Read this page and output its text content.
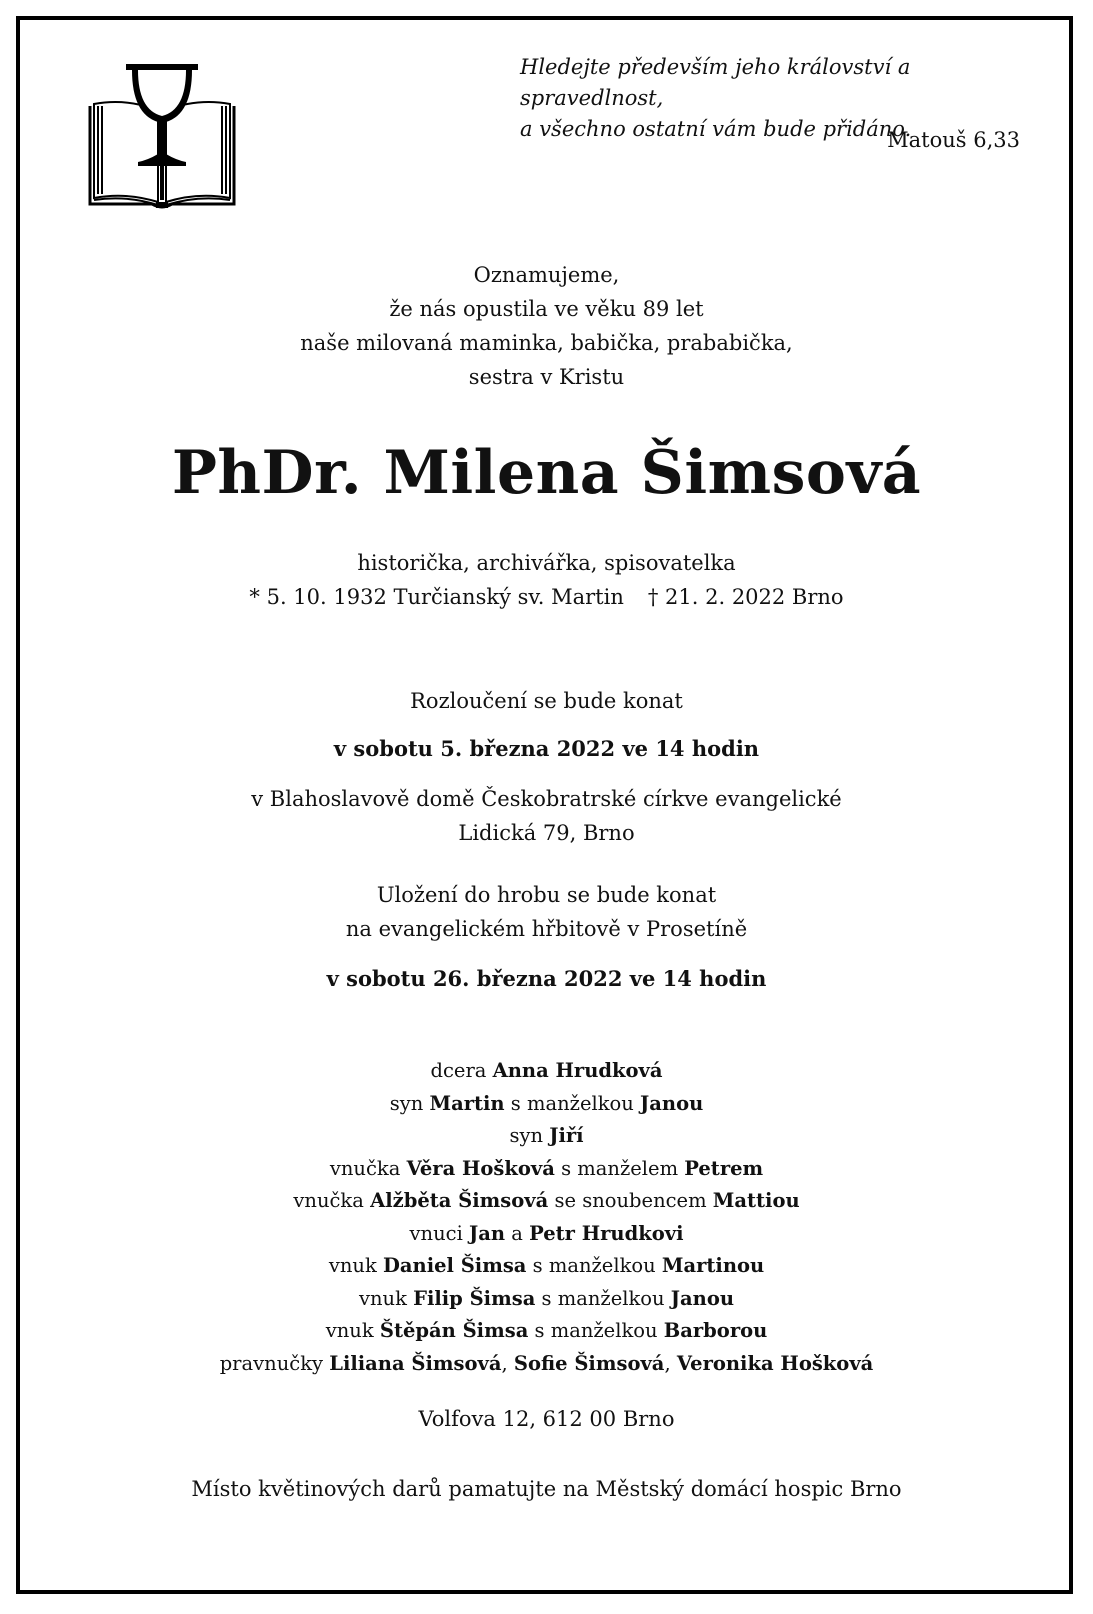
Hledejte především jeho království a spravedlnost,
a všechno ostatní vám bude přidáno.
Matouš 6,33
Oznamujeme,
že nás opustila ve věku 89 let
naše milovaná maminka, babička, prababička,
sestra v Kristu
PhDr. Milena Šimsová
historička, archivářka, spisovatelka
* 5. 10. 1932 Turčianský sv. Martin † 21. 2. 2022 Brno
Rozloučení se bude konat
v sobotu 5. března 2022 ve 14 hodin
v Blahoslavově domě Českobratrské církve evangelické
Lidická 79, Brno
Uložení do hrobu se bude konat
na evangelickém hřbitově v Prosetíně
v sobotu 26. března 2022 ve 14 hodin
dcera Anna Hrudková
syn Martin s manželkou Janou
syn Jiří
vnučka Věra Hošková s manželem Petrem
vnučka Alžběta Šimsová se snoubencem Mattiou
vnuci Jan a Petr Hrudkovi
vnuk Daniel Šimsa s manželkou Martinou
vnuk Filip Šimsa s manželkou Janou
vnuk Štěpán Šimsa s manželkou Barborou
pravnučky Liliana Šimsová, Sofie Šimsová, Veronika Hošková
Volfova 12, 612 00 Brno
Místo květinových darů pamatujte na Městský domácí hospic Brno
